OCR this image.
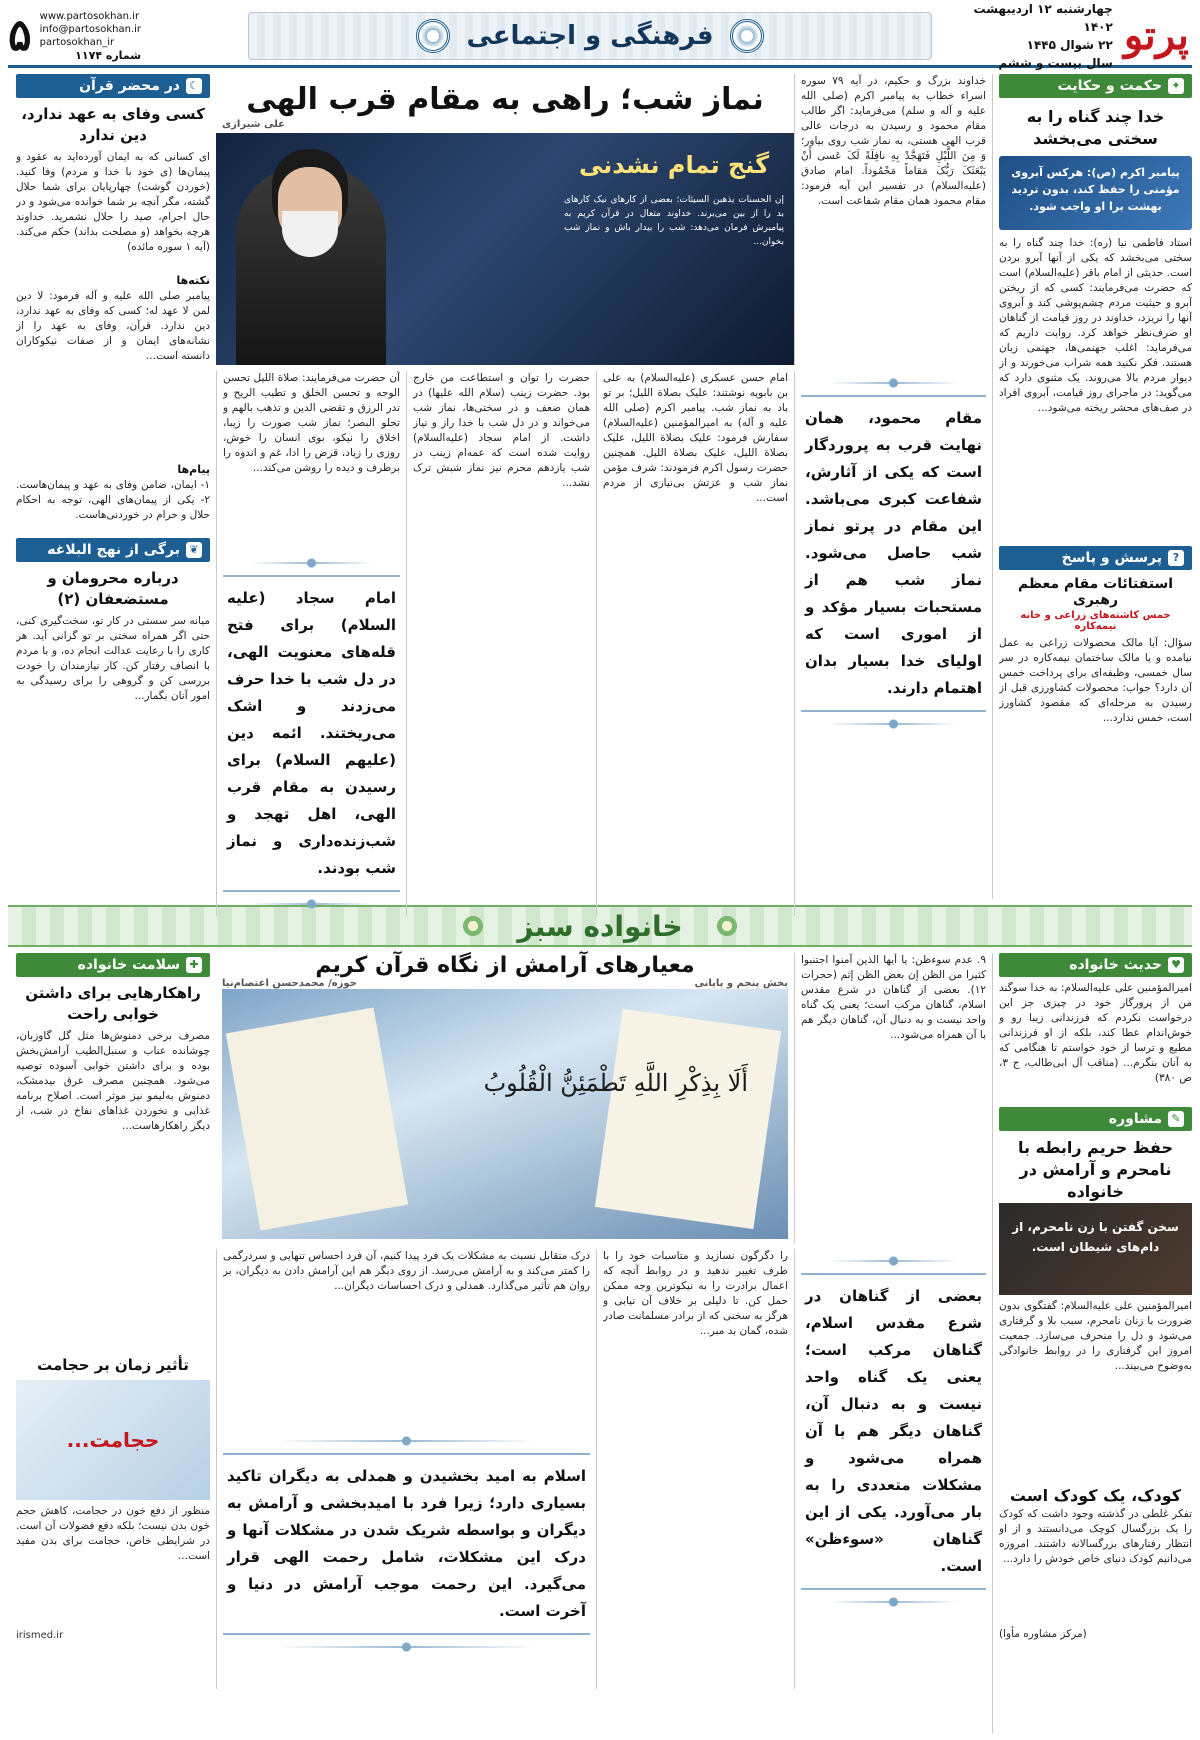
پرتو
چهارشنبه ۱۲ اردیبهشت ۱۴۰۲
۲۲ شوال ۱۴۴۵
سال بیست و ششم
فرهنگی و اجتماعی
www.partosokhan.ir
info@partosokhan.ir
partosokhan_ir
شماره ۱۱۷۴
۵
✦
حکمت و حکایت
خدا چند گناه را به سختی می‌بخشد
پیامبر اکرم (ص): هرکس آبروی مؤمنی را حفظ کند، بدون تردید بهشت برا او واجب شود.
استاد فاطمی نیا (ره): خدا چند گناه را به سختی می‌بخشد که یکی از آنها آبرو بردن است. حدیثی از امام باقر (علیه‌السلام) است که حضرت می‌فرمایند: کسی که از ریختن آبرو و حیثیت مردم چشم‌پوشی کند و آبروی آنها را نریزد، خداوند در روز قیامت از گناهان او صرف‌نظر خواهد کرد. روایت داریم که می‌فرماید: اغلب جهنمی‌ها، جهنمی زبان هستند. فکر نکنید همه شراب می‌خورند و از دیوار مردم بالا می‌روند. یک مثنوی دارد که می‌گوید: در ماجرای روز قیامت، آبروی افراد در صف‌های محشر ریخته می‌شود...
?
پرسش و پاسخ
استفتائات مقام معظم رهبری
خمس کاشته‌های زراعی و خانه نیمه‌کاره
سؤال: آیا مالک محصولات زراعی به عمل نیامده و یا مالک ساختمان نیمه‌کاره در سر سال خمسی، وظیفه‌ای برای پرداخت خمس آن دارد؟ جواب: محصولات کشاورزی قبل از رسیدن به مرحله‌ای که مقصود کشاورز است، خمس ندارد...
خداوند بزرگ و حکیم، در آیه ۷۹ سوره اسراء خطاب به پیامبر اکرم (صلی الله علیه و آله و سلم) می‌فرماید: اگر طالب مقام محمود و رسیدن به درجات عالی قرب الهی هستی، به نماز شب روی بیاور؛ وَ مِنَ اللَّیْلِ فَتَهَجَّدْ بِهِ نافِلَةً لَکَ عَسى أَنْ یَبْعَثَکَ رَبُّکَ مَقاماً مَحْمُوداً. امام صادق (علیه‌السلام) در تفسیر این آیه فرمود: مقام محمود همان مقام شفاعت است.
نماز شب؛ راهی به مقام قرب الهی
علی شیرازی
گنج تمام نشدنی
إن الحسنات یذهبن السیئات؛ بعضی از کارهای نیک کارهای بد را از بین می‌برند. خداوند متعال در قرآن کریم به پیامبرش فرمان می‌دهد: شب را بیدار باش و نماز شب بخوان...
مقام محمود، همان نهایت قرب به پروردگار است که یکی از آثارش، شفاعت کبری می‌باشد. این مقام در پرتو نماز شب حاصل می‌شود. نماز شب هم از مستحبات بسیار مؤکد و از اموری است که اولیای خدا بسیار بدان اهتمام دارند.
امام حسن عسکری (علیه‌السلام) به علی بن بابویه نوشتند: علیک بصلاة اللیل؛ بر تو باد به نماز شب. پیامبر اکرم (صلی الله علیه و آله) به امیرالمؤمنین (علیه‌السلام) سفارش فرمود: علیک بصلاة اللیل، علیک بصلاة اللیل، علیک بصلاة اللیل. همچنین حضرت رسول اکرم فرمودند: شرف مؤمن نماز شب و عزتش بی‌نیازی از مردم است...
حضرت را توان و استطاعت من خارج بود. حضرت زینب (سلام الله علیها) در همان ضعف و در سختی‌ها، نماز شب می‌خواند و در دل شب با خدا راز و نیاز داشت. از امام سجاد (علیه‌السلام) روایت شده است که عمه‌ام زینب در شب یازدهم محرم نیز نماز شبش ترک نشد...
آن حضرت می‌فرمایند: صلاة اللیل تحسن الوجه و تحسن الخلق و تطیب الریح و تدر الرزق و تقضی الدین و تذهب بالهم و تجلو البصر؛ نماز شب صورت را زیبا، اخلاق را نیکو، بوی انسان را خوش، روزی را زیاد، قرض را ادا، غم و اندوه را برطرف و دیده را روشن می‌کند...
امام سجاد (علیه السلام) برای فتح قله‌های معنویت الهی، در دل شب با خدا حرف می‌زدند و اشک می‌ریختند. ائمه دین (علیهم السلام) برای رسیدن به مقام قرب الهی، اهل تهجد و شب‌زنده‌داری و نماز شب بودند.
☾
در محضر قرآن
کسی وفای به عهد ندارد، دین ندارد
ای کسانی که به ایمان آورده‌اید به عقود و پیمان‌ها (ی خود با خدا و مردم) وفا کنید. (خوردن گوشت) چهارپایان برای شما حلال گشته، مگر آنچه بر شما خوانده می‌شود و در حال احرام، صید را حلال نشمرید. خداوند هرچه بخواهد (و مصلحت بداند) حکم می‌کند. (آیه ۱ سوره مائده)
نکته‌ها
پیامبر صلی الله علیه و آله فرمود: لا دین لمن لا عهد له؛ کسی که وفای به عهد ندارد، دین ندارد. قرآن، وفای به عهد را از نشانه‌های ایمان و از صفات نیکوکاران دانسته است...
پیام‌ها
۱- ایمان، ضامن وفای به عهد و پیمان‌هاست. ۲- یکی از پیمان‌های الهی، توجه به احکام حلال و حرام در خوردنی‌هاست.
❦
برگی از نهج البلاغه
درباره محرومان و مستضعفان (۲)
میانه سر سستی در کار تو، سخت‌گیری کنی، حتی اگر همراه سختی بر تو گرانی آید. هر کاری را با رعایت عدالت انجام ده، و با مردم با انصاف رفتار کن. کار نیازمندان را خودت بررسی کن و گروهی را برای رسیدگی به امور آنان بگمار...
خانواده سبز
♥
حدیث خانواده
امیرالمؤمنین علی علیه‌السلام: به خدا سوگند من از پرورگار خود در چیزی جز این درخواست نکردم که فرزندانی زیبا رو و خوش‌اندام عطا کند، بلکه از او فرزندانی مطیع و ترسا از خود خواستم تا هنگامی که به آنان بنگرم... (مناقب آل ابی‌طالب، ج ۳، ص ۳۸۰)
✎
مشاوره
حفظ حریم رابطه با نامحرم و آرامش در خانواده
سخن گفتن با زن نامحرم، از دام‌های شیطان است.
امیرالمؤمنین علی علیه‌السلام: گفتگوی بدون ضرورت با زنان نامحرم، سبب بلا و گرفتاری می‌شود و دل را منحرف می‌سازد. جمعیت امروز این گرفتاری را در روابط خانوادگی به‌وضوح می‌بیند...
کودک، یک کودک است
تفکر غلطی در گذشته وجود داشت که کودک را یک بزرگسال کوچک می‌دانستند و از او انتظار رفتارهای بزرگسالانه داشتند. امروزه می‌دانیم کودک دنیای خاص خودش را دارد...
(مرکز مشاوره مأوا)
۹. عدم سوءظن: یا أیها الذین آمنوا اجتنبوا کثیرا من الظن إن بعض الظن إثم (حجرات ۱۲). بعضی از گناهان در شرع مقدس اسلام، گناهان مرکب است؛ یعنی یک گناه واحد نیست و به دنبال آن، گناهان دیگر هم با آن همراه می‌شود...
معیارهای آرامش از نگاه قرآن کریم
بخش پنجم و پایانی
حوزه/ محمدحسن اعتصام‌نیا
أَلَا بِذِكْرِ اللَّهِ تَطْمَئِنُّ الْقُلُوبُ
بعضی از گناهان در شرع مقدس اسلام، گناهان مرکب است؛ یعنی یک گناه واحد نیست و به دنبال آن، گناهان دیگر هم با آن همراه می‌شود و مشکلات متعددی را به بار می‌آورد. یکی از این گناهان «سوءظن» است.
را دگرگون نسازید و متاسبات خود را با طرف تغییر ندهید و در روابط آنچه که اعمال برادرت را به نیکوترین وجه ممکن حمل کن. تا دلیلی بر خلاف آن نیابی و هرگز به سخنی که از برادر مسلمانت صادر شده، گمان بد مبر...
درک متقابل نسبت به مشکلات یک فرد پیدا کنیم، آن فرد احساس تنهایی و سردرگمی را کمتر می‌کند و به آرامش می‌رسد. از روی دیگر هم این آرامش دادن به دیگران، بر روان هم تأثیر می‌گذارد. همدلی و درک احساسات دیگران...
اسلام به امید بخشیدن و همدلی به دیگران تاکید بسیاری دارد؛ زیرا فرد با امیدبخشی و آرامش به دیگران و بواسطه شریک شدن در مشکلات آنها و درک این مشکلات، شامل رحمت الهی قرار می‌گیرد. این رحمت موجب آرامش در دنیا و آخرت است.
✚
سلامت خانواده
راهکارهایی برای داشتن خوابی راحت
مصرف برخی دمنوش‌ها مثل گل گاوزبان، چوشانده عناب و سنبل‌الطیب آرامش‌بخش بوده و برای داشتن خوابی آسوده توصیه می‌شود. همچنین مصرف عرق بیدمشک، دمنوش به‌لیمو نیز موثر است. اصلاح برنامه غذایی و نخوردن غذاهای نفاخ در شب، از دیگر راهکارهاست...
تأثیر زمان بر حجامت
حجامت...
منظور از دفع خون در حجامت، کاهش حجم خون بدن نیست؛ بلکه دفع فضولات آن است. در شرایطی خاص، حجامت برای بدن مفید است...
irismed.ir
